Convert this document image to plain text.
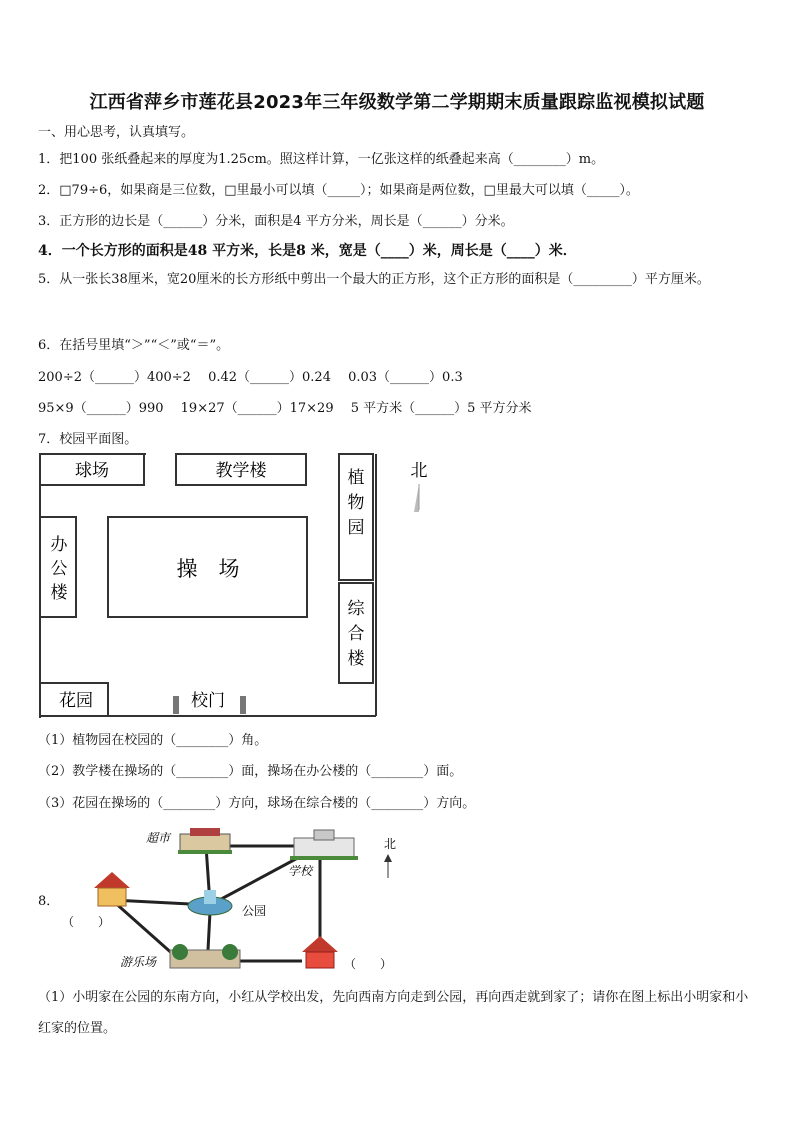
江西省萍乡市莲花县2023年三年级数学第二学期期末质量跟踪监视模拟试题
一、用心思考，认真填写。
1．把100 张纸叠起来的厚度为1.25cm。照这样计算，一亿张这样的纸叠起来高（________）m。
2．□79÷6，如果商是三位数，□里最小可以填（_____）；如果商是两位数，□里最大可以填（_____）。
3．正方形的边长是（______）分米，面积是4 平方分米，周长是（______）分米。
4．一个长方形的面积是48 平方米，长是8 米，宽是（____）米，周长是（____）米．
5．从一张长38厘米，宽20厘米的长方形纸中剪出一个最大的正方形，这个正方形的面积是（_________）平方厘米。
6．在括号里填“＞”“＜”或“＝”。
200÷2（______）400÷2　 0.42（______）0.24　 0.03（______）0.3
95×9（______）990　 19×27（______）17×29　 5 平方米（______）5 平方分米
7．校园平面图。
球场	教学楼	植
物
园
北
办
公
楼
操　场
综
合
楼
花园	校门
（1）植物园在校园的（________）角。
（2）教学楼在操场的（________）面，操场在办公楼的（________）面。
（3）花园在操场的（________）方向，球场在综合楼的（________）方向。
8．
超市
学校
公园
游乐场
北
（　　）
（　　）
（1）小明家在公园的东南方向，小红从学校出发，先向西南方向走到公园，再向西走就到家了；请你在图上标出小明家和小红家的位置。
